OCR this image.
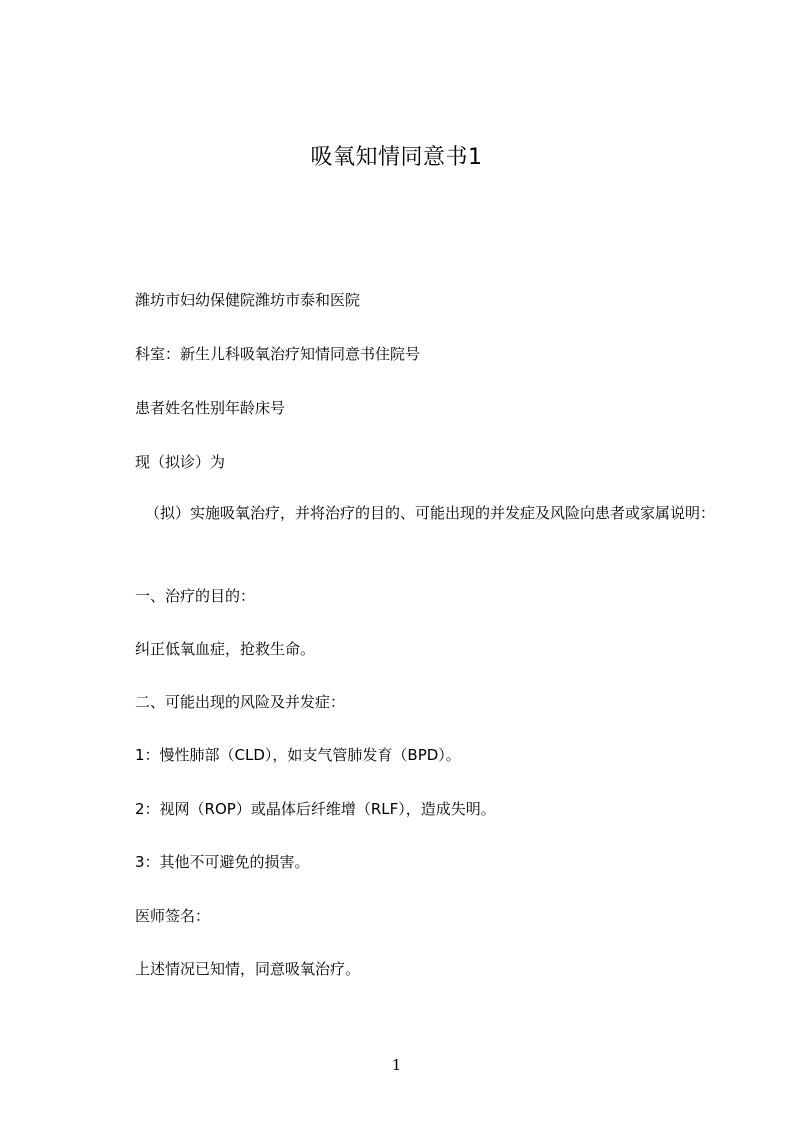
吸氧知情同意书1
潍坊市妇幼保健院潍坊市泰和医院
科室：新生儿科吸氧治疗知情同意书住院号
患者姓名性别年龄床号
现（拟诊）为
（拟）实施吸氧治疗，并将治疗的目的、可能出现的并发症及风险向患者或家属说明：
一、治疗的目的：
纠正低氧血症，抢救生命。
二、可能出现的风险及并发症：
1：慢性肺部（CLD），如支气管肺发育（BPD）。
2：视网（ROP）或晶体后纤维增（RLF），造成失明。
3：其他不可避免的损害。
医师签名：
上述情况已知情，同意吸氧治疗。
1
